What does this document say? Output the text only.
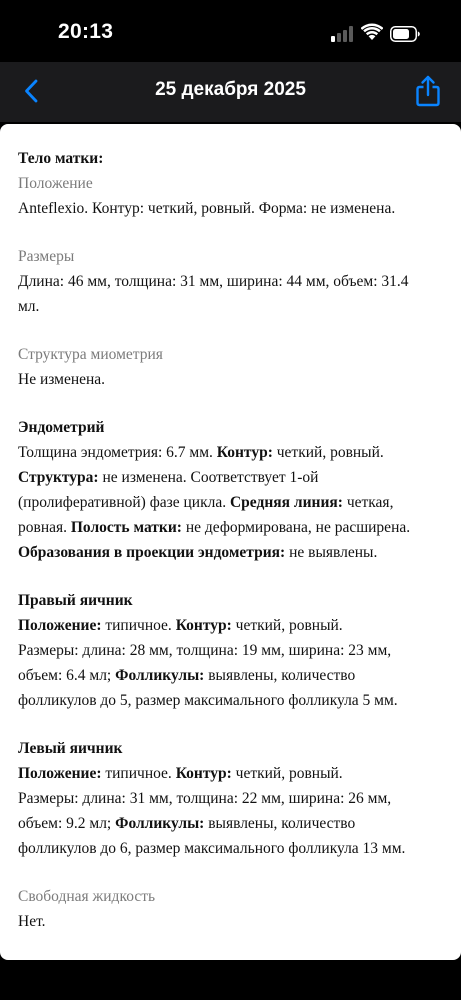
20:13
25 декабря 2025
Тело матки:
Положение
Anteflexio. Контур: четкий, ровный. Форма: не изменена.
Размеры
Длина: 46 мм, толщина: 31 мм, ширина: 44 мм, объем: 31.4
мл.
Структура миометрия
Не изменена.
Эндометрий
Толщина эндометрия: 6.7 мм. Контур: четкий, ровный.
Структура: не изменена. Соответствует 1-ой
(пролиферативной) фазе цикла. Средняя линия: четкая,
ровная. Полость матки: не деформирована, не расширена.
Образования в проекции эндометрия: не выявлены.
Правый яичник
Положение: типичное. Контур: четкий, ровный.
Размеры: длина: 28 мм, толщина: 19 мм, ширина: 23 мм,
объем: 6.4 мл; Фолликулы: выявлены, количество
фолликулов до 5, размер максимального фолликула 5 мм.
Левый яичник
Положение: типичное. Контур: четкий, ровный.
Размеры: длина: 31 мм, толщина: 22 мм, ширина: 26 мм,
объем: 9.2 мл; Фолликулы: выявлены, количество
фолликулов до 6, размер максимального фолликула 13 мм.
Свободная жидкость
Нет.
